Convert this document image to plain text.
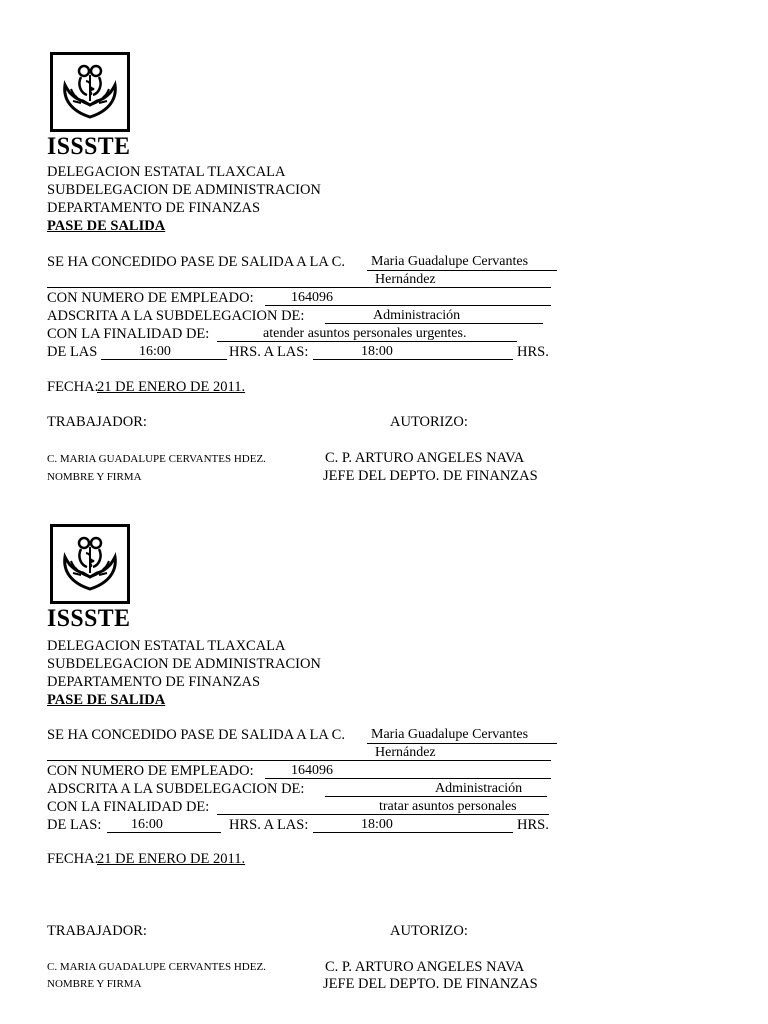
ISSSTE
DELEGACION ESTATAL TLAXCALA
SUBDELEGACION DE ADMINISTRACION
DEPARTAMENTO DE FINANZAS
PASE DE SALIDA
SE HA CONCEDIDO PASE DE SALIDA A LA C. Maria Guadalupe Cervantes
Hernández
CON NUMERO DE EMPLEADO:	164096
ADSCRITA A LA SUBDELEGACION DE:	Administración
CON LA FINALIDAD DE:	atender asuntos personales urgentes.
DE LAS	16:00	HRS. A LAS:	18:00	HRS.
FECHA:
21 DE ENERO DE 2011.
TRABAJADOR:	AUTORIZO:
C. MARIA GUADALUPE CERVANTES HDEZ.
NOMBRE Y FIRMA
C. P. ARTURO ANGELES NAVA
JEFE DEL DEPTO. DE FINANZAS
ISSSTE
DELEGACION ESTATAL TLAXCALA
SUBDELEGACION DE ADMINISTRACION
DEPARTAMENTO DE FINANZAS
PASE DE SALIDA
SE HA CONCEDIDO PASE DE SALIDA A LA C. Maria Guadalupe Cervantes
Hernández
CON NUMERO DE EMPLEADO:	164096
ADSCRITA A LA SUBDELEGACION DE:	Administración
CON LA FINALIDAD DE:	tratar asuntos personales
DE LAS:	16:00	HRS. A LAS:	18:00	HRS.
FECHA:
21 DE ENERO DE 2011.
TRABAJADOR:	AUTORIZO:
C. MARIA GUADALUPE CERVANTES HDEZ.
NOMBRE Y FIRMA
C. P. ARTURO ANGELES NAVA
JEFE DEL DEPTO. DE FINANZAS
